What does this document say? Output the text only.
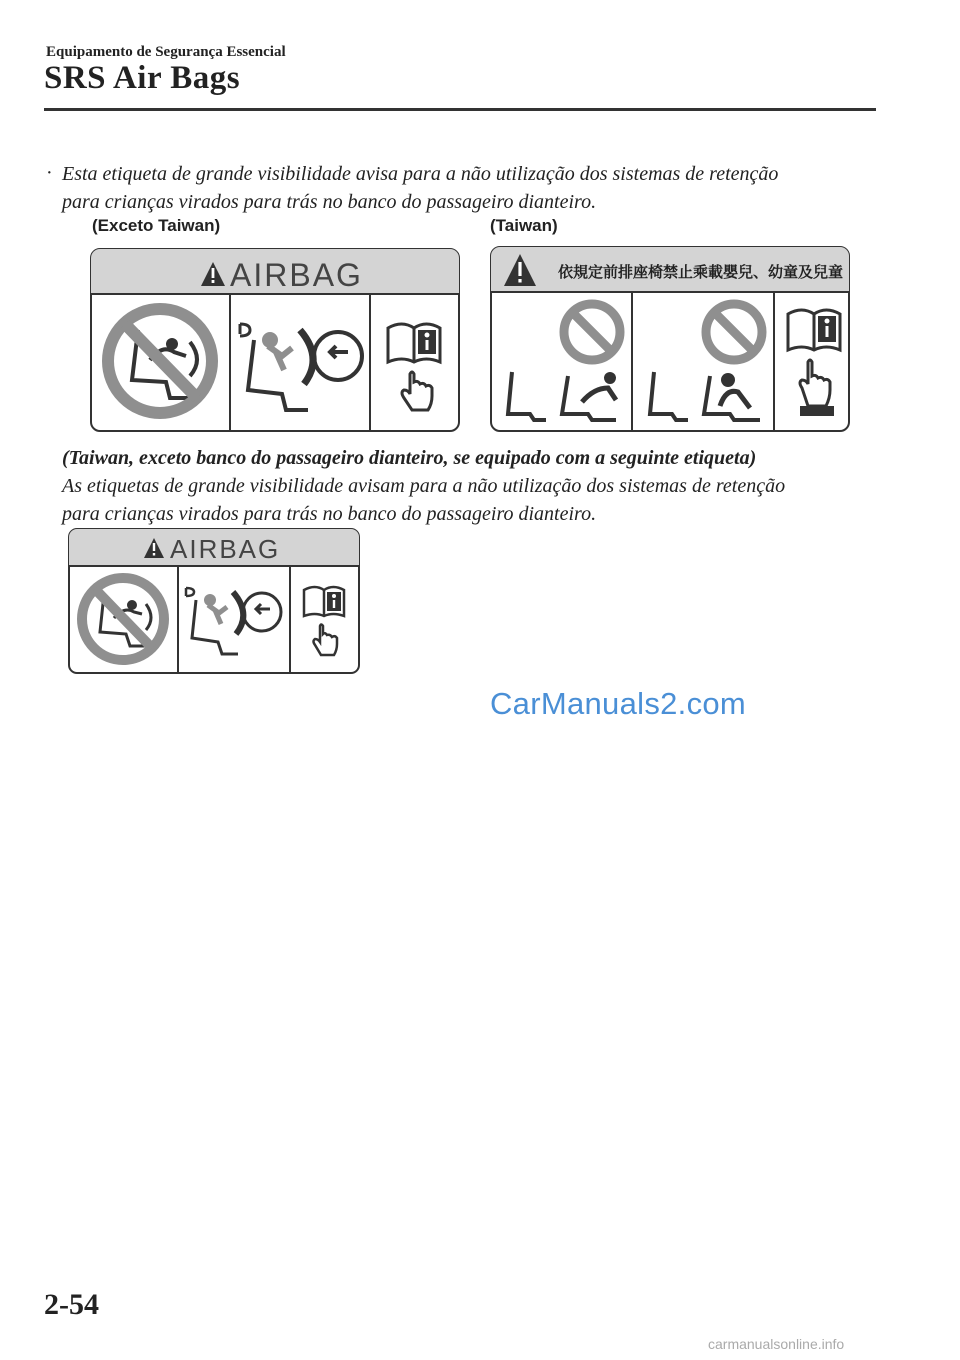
Equipamento de Segurança Essencial
SRS Air Bags
· Esta etiqueta de grande visibilidade avisa para a não utilização dos sistemas de retenção
para crianças virados para trás no banco do passageiro dianteiro.
(Exceto Taiwan)	(Taiwan)
AIRBAG	依規定前排座椅禁止乘載嬰兒、幼童及兒童
(Taiwan, exceto banco do passageiro dianteiro, se equipado com a seguinte etiqueta)
As etiquetas de grande visibilidade avisam para a não utilização dos sistemas de retenção
para crianças virados para trás no banco do passageiro dianteiro.
AIRBAG
CarManuals2.com
2-54
carmanualsonline.info
